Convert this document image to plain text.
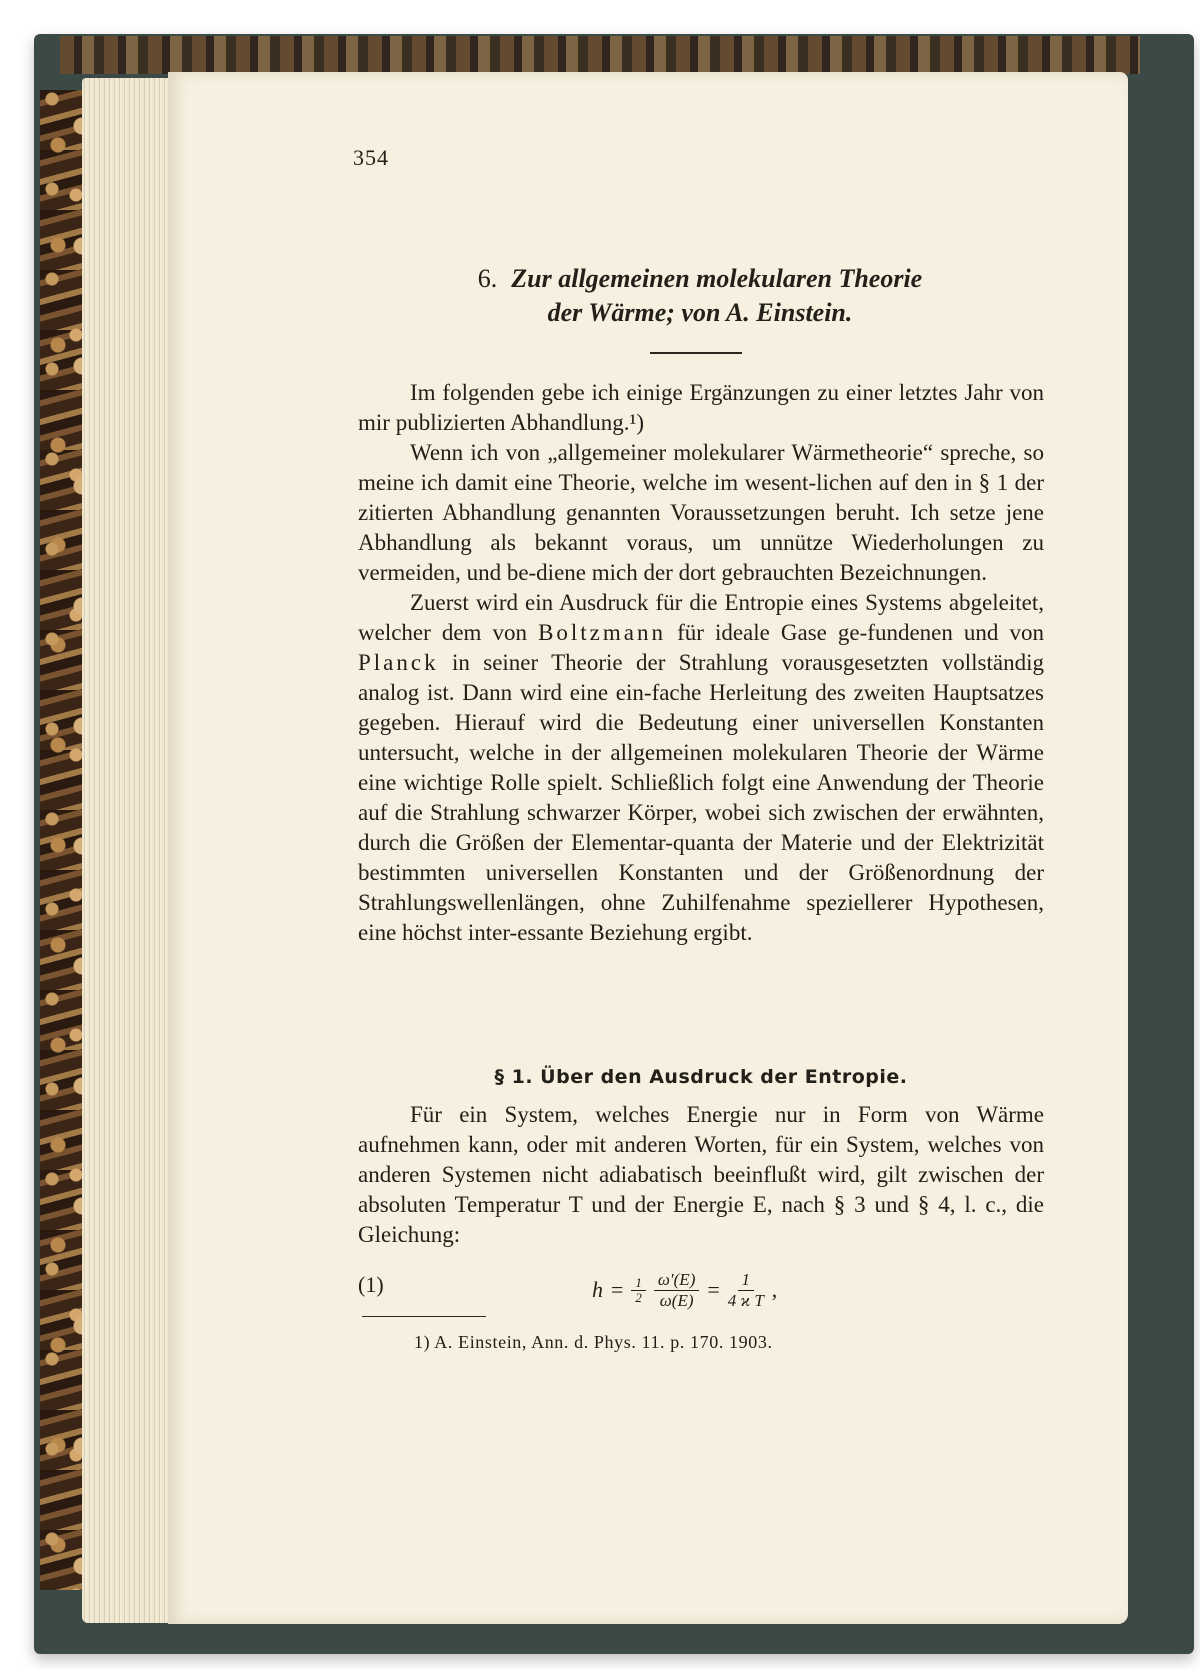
354
6. Zur allgemeinen molekularen Theorie
der Wärme; von A. Einstein.

Im folgenden gebe ich einige Ergänzungen zu einer letztes Jahr von mir publizierten Abhandlung.¹)

Wenn ich von „allgemeiner molekularer Wärmetheorie“ spreche, so meine ich damit eine Theorie, welche im wesent-lichen auf den in § 1 der zitierten Abhandlung genannten Voraussetzungen beruht. Ich setze jene Abhandlung als bekannt voraus, um unnütze Wiederholungen zu vermeiden, und be-diene mich der dort gebrauchten Bezeichnungen.

Zuerst wird ein Ausdruck für die Entropie eines Systems abgeleitet, welcher dem von Boltzmann für ideale Gase ge-fundenen und von Planck in seiner Theorie der Strahlung vorausgesetzten vollständig analog ist. Dann wird eine ein-fache Herleitung des zweiten Hauptsatzes gegeben. Hierauf wird die Bedeutung einer universellen Konstanten untersucht, welche in der allgemeinen molekularen Theorie der Wärme eine wichtige Rolle spielt. Schließlich folgt eine Anwendung der Theorie auf die Strahlung schwarzer Körper, wobei sich zwischen der erwähnten, durch die Größen der Elementar-quanta der Materie und der Elektrizität bestimmten universellen Konstanten und der Größenordnung der Strahlungswellenlängen, ohne Zuhilfenahme speziellerer Hypothesen, eine höchst inter-essante Beziehung ergibt.

§ 1. Über den Ausdruck der Entropie.

Für ein System, welches Energie nur in Form von Wärme aufnehmen kann, oder mit anderen Worten, für ein System, welches von anderen Systemen nicht adiabatisch beeinflußt wird, gilt zwischen der absoluten Temperatur T und der Energie E, nach § 3 und § 4, l. c., die Gleichung:

(1)	$h = \frac{1}{2} \frac{\omega'(E)}{\omega(E)} = \frac{1}{\text{4 ϰ T}}$ ,
1) A. Einstein, Ann. d. Phys. 11. p. 170. 1903.
